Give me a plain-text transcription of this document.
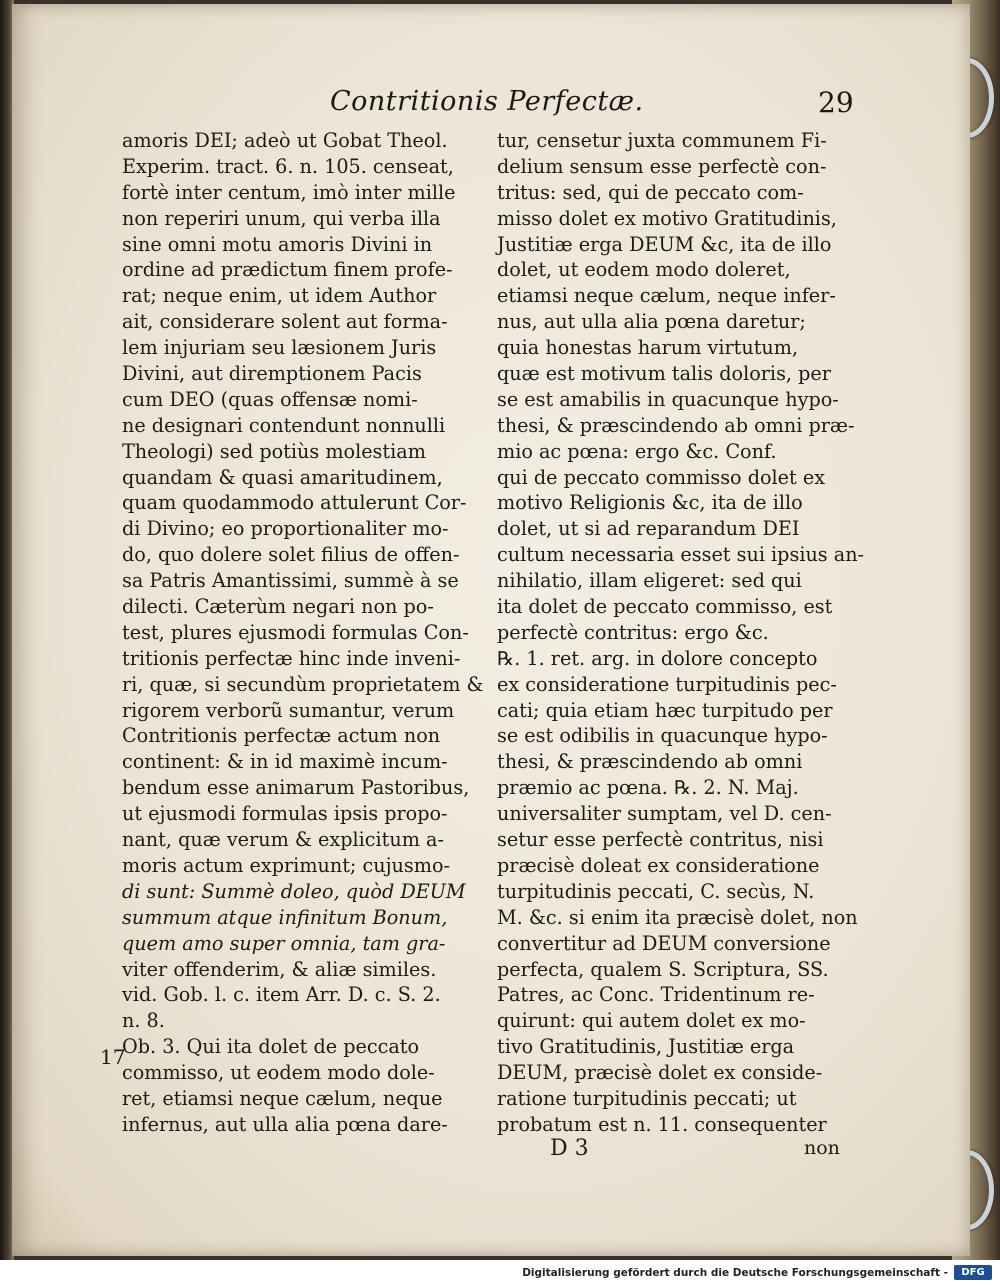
Contritionis Perfectæ.	29
amoris DEI; adeò ut Gobat Theol.
Experim. tract. 6. n. 105. censeat,
fortè inter centum, imò inter mille
non reperiri unum, qui verba illa
sine omni motu amoris Divini in
ordine ad prædictum finem profe-
rat; neque enim, ut idem Author
ait, considerare solent aut forma-
lem injuriam seu læsionem Juris
Divini, aut diremptionem Pacis
cum DEO (quas offensæ nomi-
ne designari contendunt nonnulli
Theologi) sed potiùs molestiam
quandam & quasi amaritudinem,
quam quodammodo attulerunt Cor-
di Divino; eo proportionaliter mo-
do, quo dolere solet filius de offen-
sa Patris Amantissimi, summè à se
dilecti. Cæterùm negari non po-
test, plures ejusmodi formulas Con-
tritionis perfectæ hinc inde inveni-
ri, quæ, si secundùm proprietatem &
rigorem verborũ sumantur, verum
Contritionis perfectæ actum non
continent: & in id maximè incum-
bendum esse animarum Pastoribus,
ut ejusmodi formulas ipsis propo-
nant, quæ verum & explicitum a-
moris actum exprimunt; cujusmo-
di sunt: Summè doleo, quòd DEUM
summum atque infinitum Bonum,
quem amo super omnia, tam gra-
viter offenderim, & aliæ similes.
vid. Gob. l. c. item Arr. D. c. S. 2.
n. 8.
Ob. 3. Qui ita dolet de peccato
commisso, ut eodem modo dole-
ret, etiamsi neque cælum, neque
infernus, aut ulla alia pœna dare-
tur, censetur juxta communem Fi-
delium sensum esse perfectè con-
tritus: sed, qui de peccato com-
misso dolet ex motivo Gratitudinis,
Justitiæ erga DEUM &c, ita de illo
dolet, ut eodem modo doleret,
etiamsi neque cælum, neque infer-
nus, aut ulla alia pœna daretur;
quia honestas harum virtutum,
quæ est motivum talis doloris, per
se est amabilis in quacunque hypo-
thesi, & præscindendo ab omni præ-
mio ac pœna: ergo &c. Conf.
qui de peccato commisso dolet ex
motivo Religionis &c, ita de illo
dolet, ut si ad reparandum DEI
cultum necessaria esset sui ipsius an-
nihilatio, illam eligeret: sed qui
ita dolet de peccato commisso, est
perfectè contritus: ergo &c.
℞. 1. ret. arg. in dolore concepto
ex consideratione turpitudinis pec-
cati; quia etiam hæc turpitudo per
se est odibilis in quacunque hypo-
thesi, & præscindendo ab omni
præmio ac pœna. ℞. 2. N. Maj.
universaliter sumptam, vel D. cen-
setur esse perfectè contritus, nisi
præcisè doleat ex consideratione
turpitudinis peccati, C. secùs, N.
M. &c. si enim ita præcisè dolet, non
convertitur ad DEUM conversione
perfecta, qualem S. Scriptura, SS.
Patres, ac Conc. Tridentinum re-
quirunt: qui autem dolet ex mo-
tivo Gratitudinis, Justitiæ erga
DEUM, præcisè dolet ex conside-
ratione turpitudinis peccati; ut
probatum est n. 11. consequenter
17
D 3	non
Digitalisierung gefördert durch die Deutsche Forschungsgemeinschaft -	DFG
